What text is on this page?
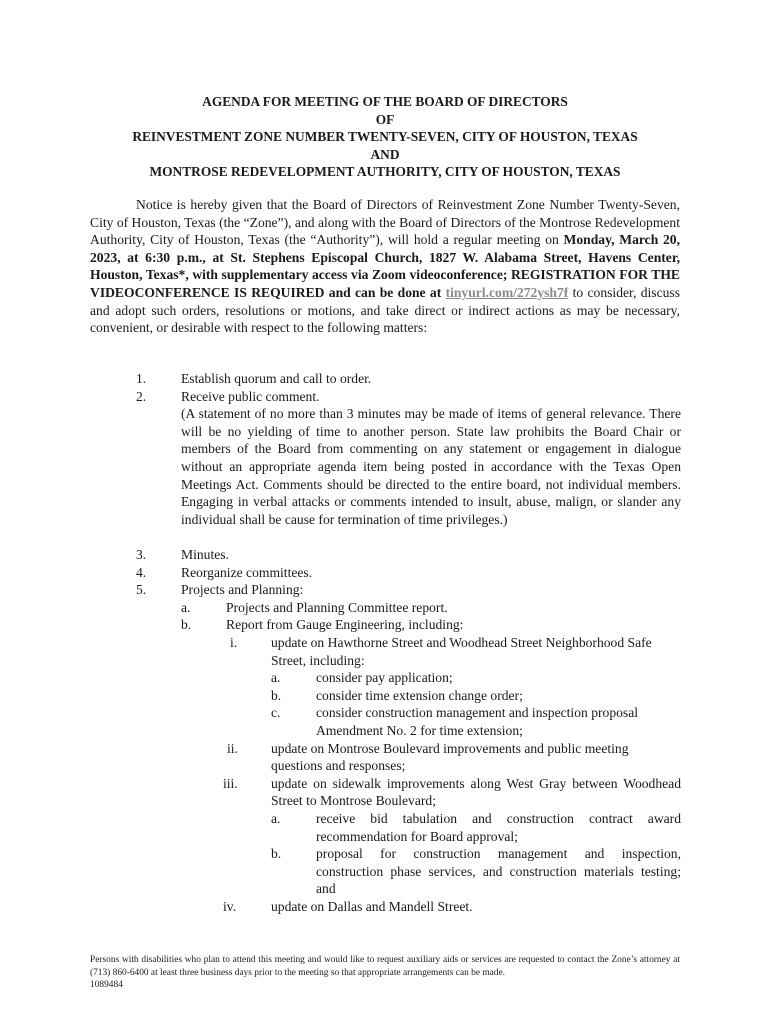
AGENDA FOR MEETING OF THE BOARD OF DIRECTORS
OF
REINVESTMENT ZONE NUMBER TWENTY-SEVEN, CITY OF HOUSTON, TEXAS
AND
MONTROSE REDEVELOPMENT AUTHORITY, CITY OF HOUSTON, TEXAS
Notice is hereby given that the Board of Directors of Reinvestment Zone Number Twenty-Seven, City of Houston, Texas (the “Zone”), and along with the Board of Directors of the Montrose Redevelopment Authority, City of Houston, Texas (the “Authority”), will hold a regular meeting on Monday, March 20, 2023, at 6:30 p.m., at St. Stephens Episcopal Church, 1827 W. Alabama Street, Havens Center, Houston, Texas*, with supplementary access via Zoom videoconference; REGISTRATION FOR THE VIDEOCONFERENCE IS REQUIRED and can be done at tinyurl.com/272ysh7f to consider, discuss and adopt such orders, resolutions or motions, and take direct or indirect actions as may be necessary, convenient, or desirable with respect to the following matters:
1.	Establish quorum and call to order.
2.	Receive public comment.
(A statement of no more than 3 minutes may be made of items of general relevance. There will be no yielding of time to another person. State law prohibits the Board Chair or members of the Board from commenting on any statement or engagement in dialogue without an appropriate agenda item being posted in accordance with the Texas Open Meetings Act. Comments should be directed to the entire board, not individual members. Engaging in verbal attacks or comments intended to insult, abuse, malign, or slander any individual shall be cause for termination of time privileges.)
3.	Minutes.
4.	Reorganize committees.
5.	Projects and Planning:
a.	Projects and Planning Committee report.
b.	Report from Gauge Engineering, including:
i. update on Hawthorne Street and Woodhead Street Neighborhood Safe Street, including:
a.	consider pay application;
b.	consider time extension change order;
c.	consider construction management and inspection proposal Amendment No. 2 for time extension;
ii. update on Montrose Boulevard improvements and public meeting questions and responses;
iii. update on sidewalk improvements along West Gray between Woodhead Street to Montrose Boulevard;
a.	receive bid tabulation and construction contract award recommendation for Board approval;
b.	proposal for construction management and inspection, construction phase services, and construction materials testing; and
iv.	update on Dallas and Mandell Street.
Persons with disabilities who plan to attend this meeting and would like to request auxiliary aids or services are requested to contact the Zone’s attorney at (713) 860-6400 at least three business days prior to the meeting so that appropriate arrangements can be made.
1089484
